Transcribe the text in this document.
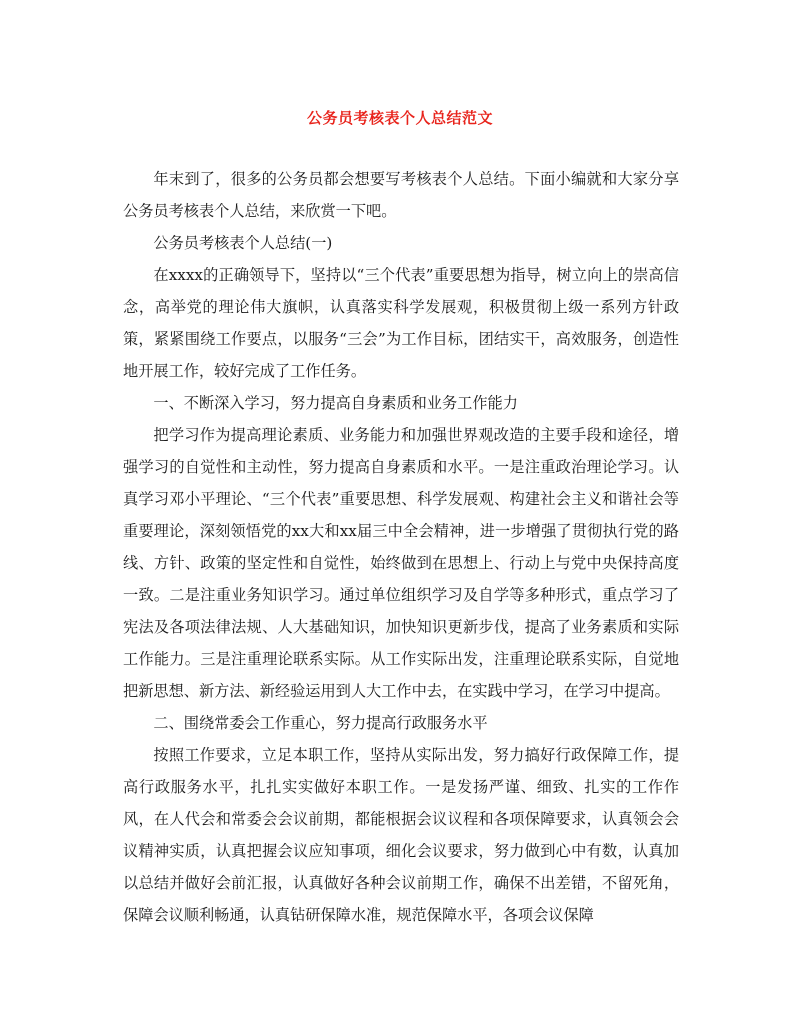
公务员考核表个人总结范文

年末到了，很多的公务员都会想要写考核表个人总结。下面小编就和大家分享公务员考核表个人总结，来欣赏一下吧。

公务员考核表个人总结(一)

在xxxx的正确领导下，坚持以“三个代表”重要思想为指导，树立向上的崇高信念，高举党的理论伟大旗帜，认真落实科学发展观，积极贯彻上级一系列方针政策，紧紧围绕工作要点，以服务“三会”为工作目标，团结实干，高效服务，创造性地开展工作，较好完成了工作任务。

一、不断深入学习，努力提高自身素质和业务工作能力

把学习作为提高理论素质、业务能力和加强世界观改造的主要手段和途径，增强学习的自觉性和主动性，努力提高自身素质和水平。一是注重政治理论学习。认真学习邓小平理论、“三个代表”重要思想、科学发展观、构建社会主义和谐社会等重要理论，深刻领悟党的xx大和xx届三中全会精神，进一步增强了贯彻执行党的路线、方针、政策的坚定性和自觉性，始终做到在思想上、行动上与党中央保持高度一致。二是注重业务知识学习。通过单位组织学习及自学等多种形式，重点学习了宪法及各项法律法规、人大基础知识，加快知识更新步伐，提高了业务素质和实际工作能力。三是注重理论联系实际。从工作实际出发，注重理论联系实际，自觉地把新思想、新方法、新经验运用到人大工作中去，在实践中学习，在学习中提高。

二、围绕常委会工作重心，努力提高行政服务水平

按照工作要求，立足本职工作，坚持从实际出发，努力搞好行政保障工作，提高行政服务水平，扎扎实实做好本职工作。一是发扬严谨、细致、扎实的工作作风，在人代会和常委会会议前期，都能根据会议议程和各项保障要求，认真领会会议精神实质，认真把握会议应知事项，细化会议要求，努力做到心中有数，认真加以总结并做好会前汇报，认真做好各种会议前期工作，确保不出差错，不留死角，保障会议顺利畅通，认真钻研保障水准，规范保障水平，各项会议保障
